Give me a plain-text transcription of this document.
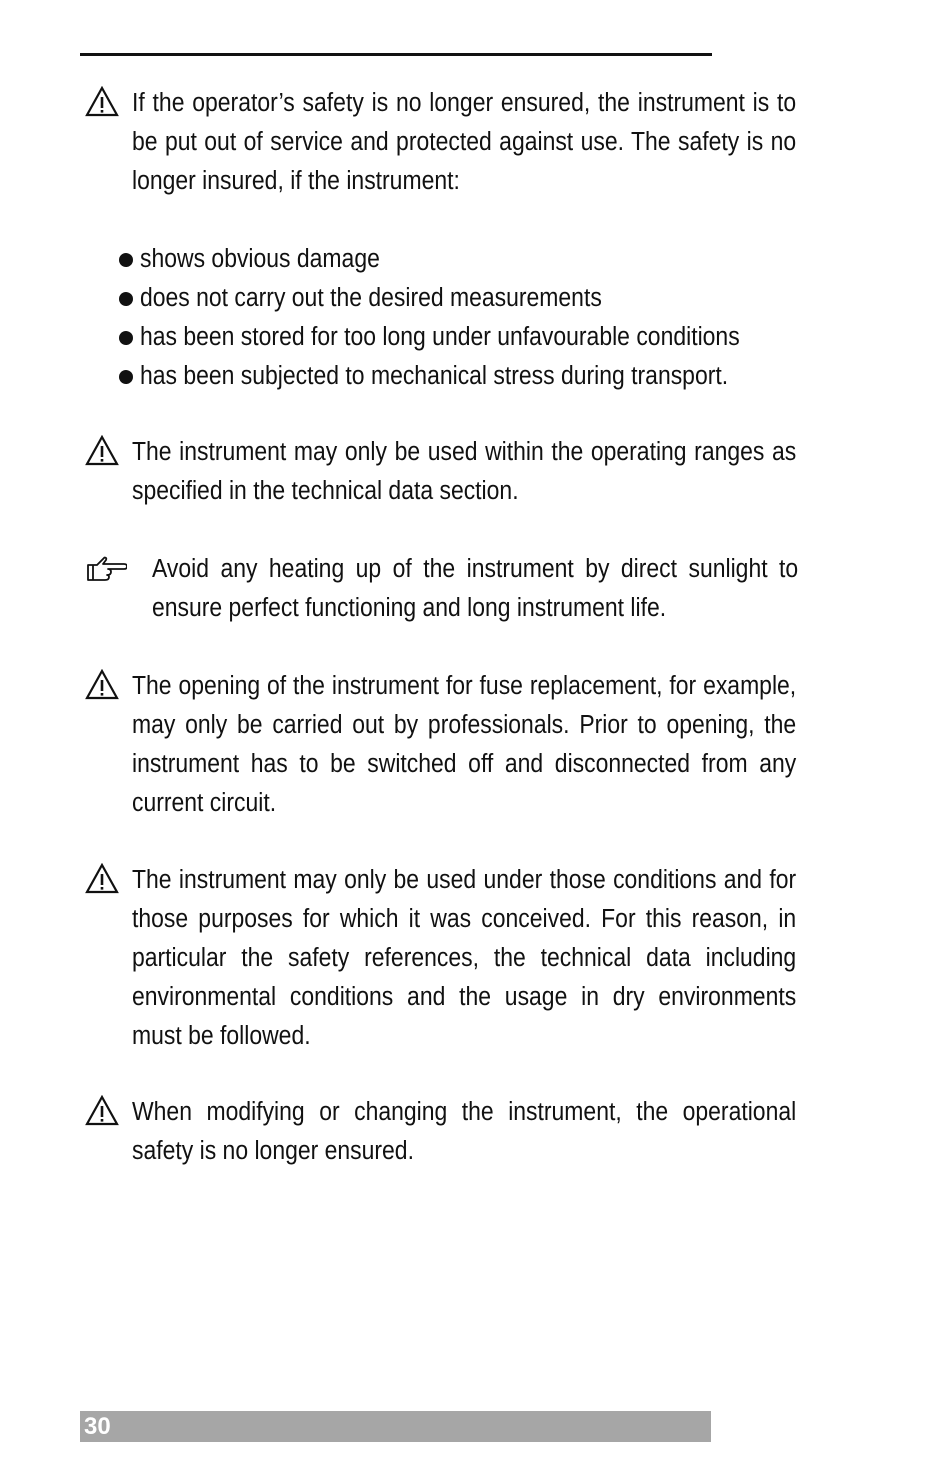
If the operator’s safety is no longer ensured, the instrument is to be put out of service and protected against use. The safety is no longer insured, if the instrument:
shows obvious damage
does not carry out the desired measurements
has been stored for too long under unfavourable conditions
has been subjected to mechanical stress during transport.
The instrument may only be used within the operating ranges as specified in the technical data section.
Avoid any heating up of the instrument by direct sunlight to ensure perfect functioning and long instrument life.
The opening of the instrument for fuse replacement, for example, may only be carried out by professionals. Prior to opening, the instrument has to be switched off and disconnected from any current circuit.
The instrument may only be used under those conditions and for those purposes for which it was conceived. For this reason, in particular the safety references, the technical data including environmental conditions and the usage in dry environments must be followed.
When modifying or changing the instrument, the operational safety is no longer ensured.
30
